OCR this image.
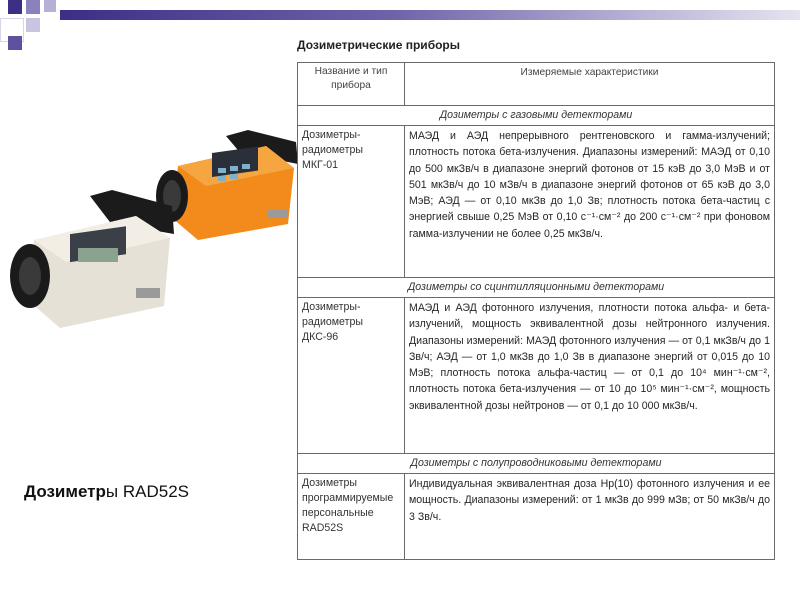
Дозиметры RAD52S
Дозиметрические приборы
Название и тип прибора	Измеряемые характеристики
Дозиметры с газовыми детекторами	
Дозиметры-радиометры МКГ-01	МАЭД и АЭД непрерывного рентгеновского и гамма-излучений; плотность потока бета-излучения. Диапазоны измерений: МАЭД от 0,10 до 500 мкЗв/ч в диапазоне энергий фотонов от 15 кэВ до 3,0 МэВ и от 501 мкЗв/ч до 10 мЗв/ч в диапазоне энергий фотонов от 65 кэВ до 3,0 МэВ; АЭД — от 0,10 мкЗв до 1,0 Зв; плотность потока бета-частиц с энергией свыше 0,25 МэВ от 0,10 с⁻¹·см⁻² до 200 с⁻¹·см⁻² при фоновом гамма-излучении не более 0,25 мкЗв/ч.
Дозиметры со сцинтилляционными детекторами	
Дозиметры-радиометры ДКС-96	МАЭД и АЭД фотонного излучения, плотности потока альфа- и бета-излучений, мощность эквивалентной дозы нейтронного излучения. Диапазоны измерений: МАЭД фотонного излучения — от 0,1 мкЗв/ч до 1 Зв/ч; АЭД — от 1,0 мкЗв до 1,0 Зв в диапазоне энергий от 0,015 до 10 МэВ; плотность потока альфа-частиц — от 0,1 до 10⁴ мин⁻¹·см⁻², плотность потока бета-излучения — от 10 до 10⁵ мин⁻¹·см⁻², мощность эквивалентной дозы нейтронов — от 0,1 до 10 000 мкЗв/ч.
Дозиметры с полупроводниковыми детекторами	
Дозиметры программируемые персональные RAD52S	Индивидуальная эквивалентная доза Hp(10) фотонного излучения и ее мощность. Диапазоны измерений: от 1 мкЗв до 999 мЗв; от 50 мкЗв/ч до 3 Зв/ч.
